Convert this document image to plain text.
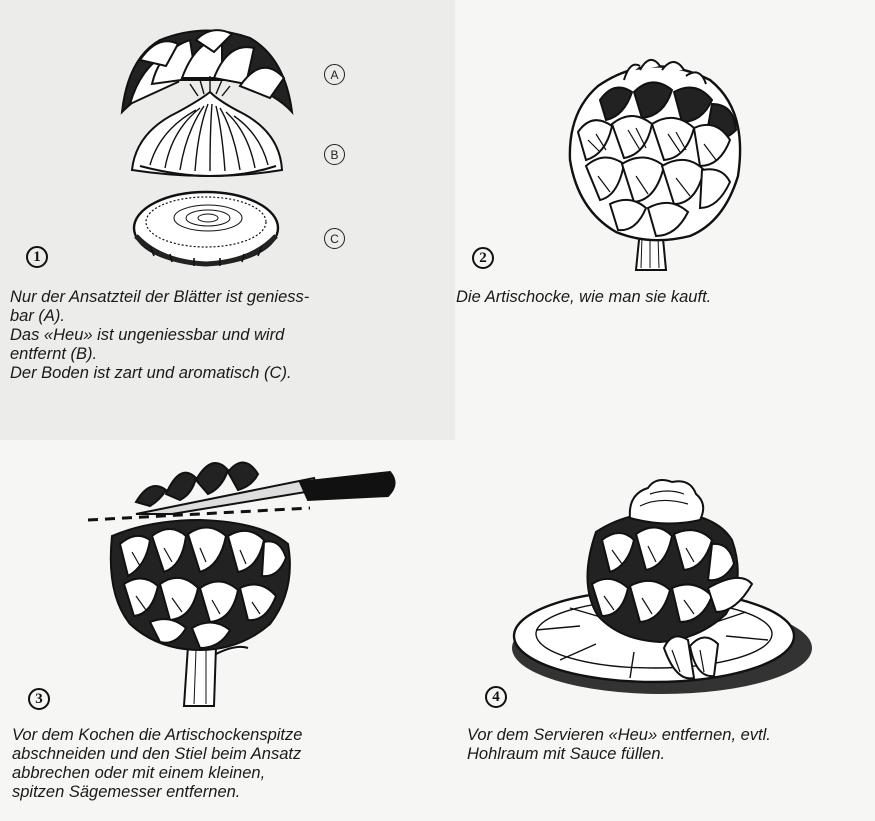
A
B
C
1
Nur der Ansatzteil der Blätter ist geniess-
bar (A).
Das «Heu» ist ungeniessbar und wird
entfernt (B).
Der Boden ist zart und aromatisch (C).
2
Die Artischocke, wie man sie kauft.
3
Vor dem Kochen die Artischockenspitze
abschneiden und den Stiel beim Ansatz
abbrechen oder mit einem kleinen,
spitzen Sägemesser entfernen.
4
Vor dem Servieren «Heu» entfernen, evtl.
Hohlraum mit Sauce füllen.
